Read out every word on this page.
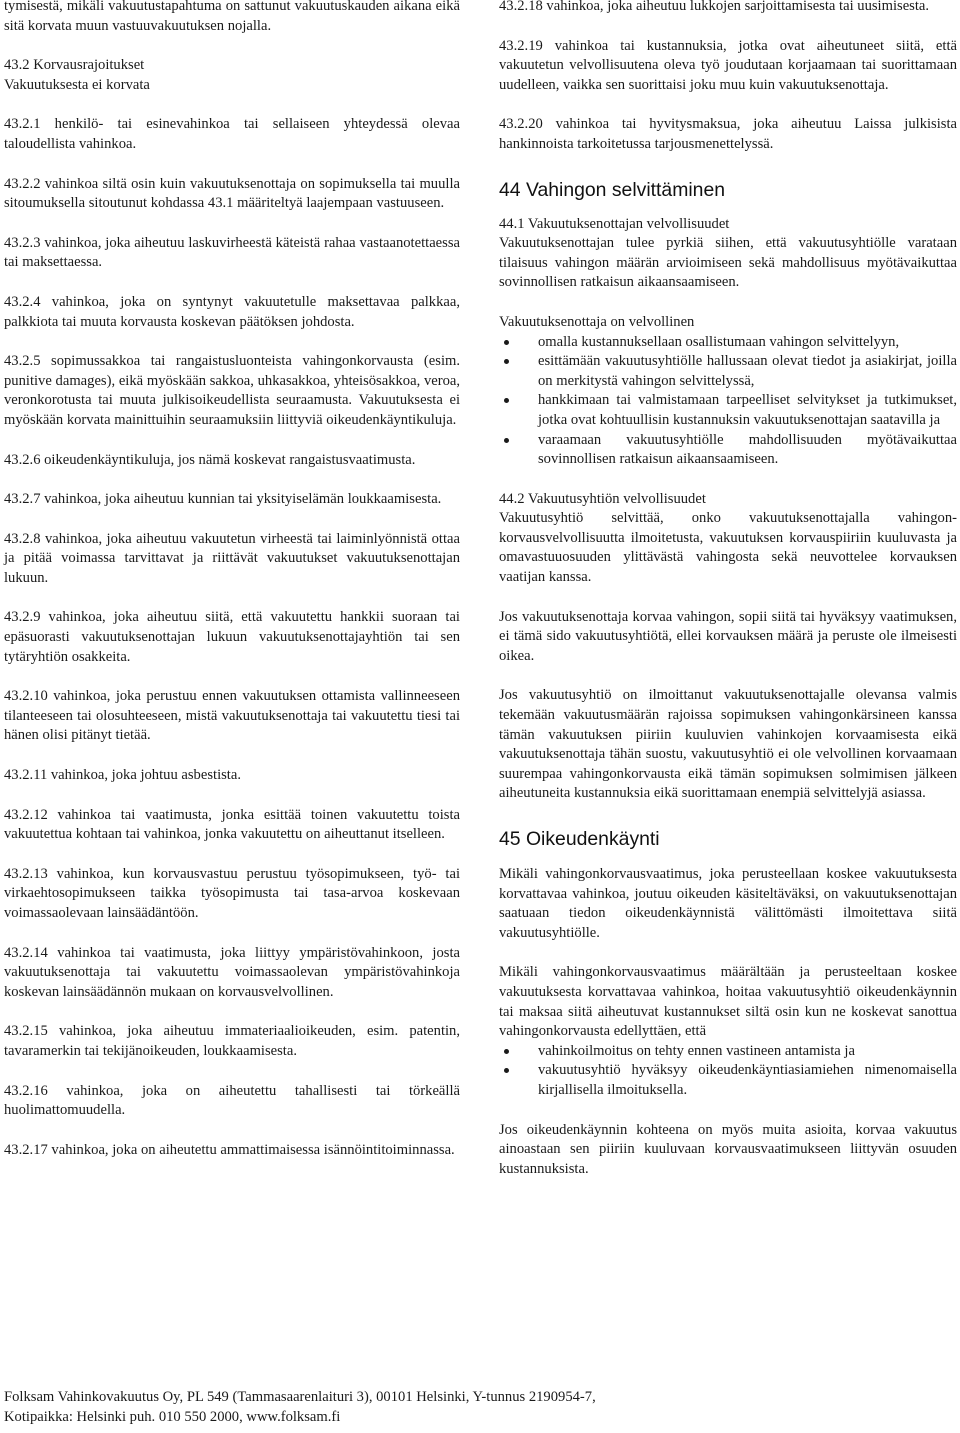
tymisestä, mikäli vakuutustapahtuma on sattunut vakuutuskauden aikana eikä sitä korvata muun vastuuvakuutuksen nojalla.

43.2 Korvausrajoitukset

Vakuutuksesta ei korvata

43.2.1 henkilö- tai esinevahinkoa tai sellaiseen yhteydessä olevaa taloudellista vahinkoa.

43.2.2 vahinkoa siltä osin kuin vakuutuksenottaja on sopimuksella tai muulla sitoumuksella sitoutunut kohdassa 43.1 määriteltyä laajempaan vastuuseen.

43.2.3 vahinkoa, joka aiheutuu laskuvirheestä käteistä rahaa vastaanotettaessa tai maksettaessa.

43.2.4 vahinkoa, joka on syntynyt vakuutetulle maksettavaa palkkaa, palkkiota tai muuta korvausta koskevan päätöksen johdosta.

43.2.5 sopimussakkoa tai rangaistusluonteista vahingonkorvausta (esim. punitive damages), eikä myöskään sakkoa, uhkasakkoa, yhteisösakkoa, veroa, veronkorotusta tai muuta julkisoikeudellista seuraamusta. Vakuutuksesta ei myöskään korvata mainittuihin seuraamuksiin liittyviä oikeudenkäyntikuluja.

43.2.6 oikeudenkäyntikuluja, jos nämä koskevat rangaistusvaatimusta.

43.2.7 vahinkoa, joka aiheutuu kunnian tai yksityiselämän loukkaamisesta.

43.2.8 vahinkoa, joka aiheutuu vakuutetun virheestä tai laiminlyönnistä ottaa ja pitää voimassa tarvittavat ja riittävät vakuutukset vakuutuksenottajan lukuun.

43.2.9 vahinkoa, joka aiheutuu siitä, että vakuutettu hankkii suoraan tai epäsuorasti vakuutuksenottajan lukuun vakuutuksenottajayhtiön tai sen tytäryhtiön osakkeita.

43.2.10 vahinkoa, joka perustuu ennen vakuutuksen ottamista vallinneeseen tilanteeseen tai olosuhteeseen, mistä vakuutuksenottaja tai vakuutettu tiesi tai hänen olisi pitänyt tietää.

43.2.11 vahinkoa, joka johtuu asbestista.

43.2.12 vahinkoa tai vaatimusta, jonka esittää toinen vakuutettu toista vakuutettua kohtaan tai vahinkoa, jonka vakuutettu on aiheuttanut itselleen.

43.2.13 vahinkoa, kun korvausvastuu perustuu työsopimukseen, työ- tai virkaehtosopimukseen taikka työsopimusta tai tasa-arvoa koskevaan voimassaolevaan lainsäädäntöön.

43.2.14 vahinkoa tai vaatimusta, joka liittyy ympäristövahinkoon, josta vakuutuksenottaja tai vakuutettu voimassaolevan ympäristövahinkoja koskevan lainsäädännön mukaan on korvausvelvollinen.

43.2.15 vahinkoa, joka aiheutuu immateriaalioikeuden, esim. patentin, tavaramerkin tai tekijänoikeuden, loukkaamisesta.

43.2.16 vahinkoa, joka on aiheutettu tahallisesti tai törkeällä huolimattomuudella.

43.2.17 vahinkoa, joka on aiheutettu ammattimaisessa isännöintitoiminnassa.

43.2.18 vahinkoa, joka aiheutuu lukkojen sarjoittamisesta tai uusimisesta.

43.2.19 vahinkoa tai kustannuksia, jotka ovat aiheutuneet siitä, että vakuutetun velvollisuutena oleva työ joudutaan korjaamaan tai suorittamaan uudelleen, vaikka sen suorittaisi joku muu kuin vakuutuksenottaja.

43.2.20 vahinkoa tai hyvitysmaksua, joka aiheutuu Laissa julkisista hankinnoista tarkoitetussa tarjousmenettelyssä.

44 Vahingon selvittäminen

44.1 Vakuutuksenottajan velvollisuudet

Vakuutuksenottajan tulee pyrkiä siihen, että vakuutusyhtiölle varataan tilaisuus vahingon määrän arvioimiseen sekä mahdollisuus myötävaikuttaa sovinnollisen ratkaisun aikaansaamiseen.

Vakuutuksenottaja on velvollinen

omalla kustannuksellaan osallistumaan vahingon selvittelyyn,
esittämään vakuutusyhtiölle hallussaan olevat tiedot ja asiakirjat, joilla on merkitystä vahingon selvittelyssä,
hankkimaan tai valmistamaan tarpeelliset selvitykset ja tutkimukset, jotka ovat kohtuullisin kustannuksin vakuutuksenottajan saatavilla ja
varaamaan vakuutusyhtiölle mahdollisuuden myötävaikuttaa sovinnollisen ratkaisun aikaansaamiseen.

44.2 Vakuutusyhtiön velvollisuudet

Vakuutusyhtiö selvittää, onko vakuutuksenottajalla vahingonkorvausvelvollisuutta ilmoitetusta, vakuutuksen korvauspiiriin kuuluvasta ja omavastuuosuuden ylittävästä vahingosta sekä neuvottelee korvauksen vaatijan kanssa.

Jos vakuutuksenottaja korvaa vahingon, sopii siitä tai hyväksyy vaatimuksen, ei tämä sido vakuutusyhtiötä, ellei korvauksen määrä ja peruste ole ilmeisesti oikea.

Jos vakuutusyhtiö on ilmoittanut vakuutuksenottajalle olevansa valmis tekemään vakuutusmäärän rajoissa sopimuksen vahingonkärsineen kanssa tämän vakuutuksen piiriin kuuluvien vahinkojen korvaamisesta eikä vakuutuksenottaja tähän suostu, vakuutusyhtiö ei ole velvollinen korvaamaan suurempaa vahingonkorvausta eikä tämän sopimuksen solmimisen jälkeen aiheutuneita kustannuksia eikä suorittamaan enempiä selvittelyjä asiassa.

45 Oikeudenkäynti

Mikäli vahingonkorvausvaatimus, joka perusteellaan koskee vakuutuksesta korvattavaa vahinkoa, joutuu oikeuden käsiteltäväksi, on vakuutuksenottajan saatuaan tiedon oikeudenkäynnistä välittömästi ilmoitettava siitä vakuutusyhtiölle.

Mikäli vahingonkorvausvaatimus määrältään ja perusteeltaan koskee vakuutuksesta korvattavaa vahinkoa, hoitaa vakuutusyhtiö oikeudenkäynnin tai maksaa siitä aiheutuvat kustannukset siltä osin kun ne koskevat sanottua vahingonkorvausta edellyttäen, että

vahinkoilmoitus on tehty ennen vastineen antamista ja
vakuutusyhtiö hyväksyy oikeudenkäyntiasiamiehen nimenomaisella kirjallisella ilmoituksella.

Jos oikeudenkäynnin kohteena on myös muita asioita, korvaa vakuutus ainoastaan sen piiriin kuuluvaan korvausvaatimukseen liittyvän osuuden kustannuksista.

Folksam Vahinkovakuutus Oy, PL 549 (Tammasaarenlaituri 3), 00101 Helsinki, Y-tunnus 2190954-7,

Kotipaikka: Helsinki puh. 010 550 2000, www.folksam.fi
